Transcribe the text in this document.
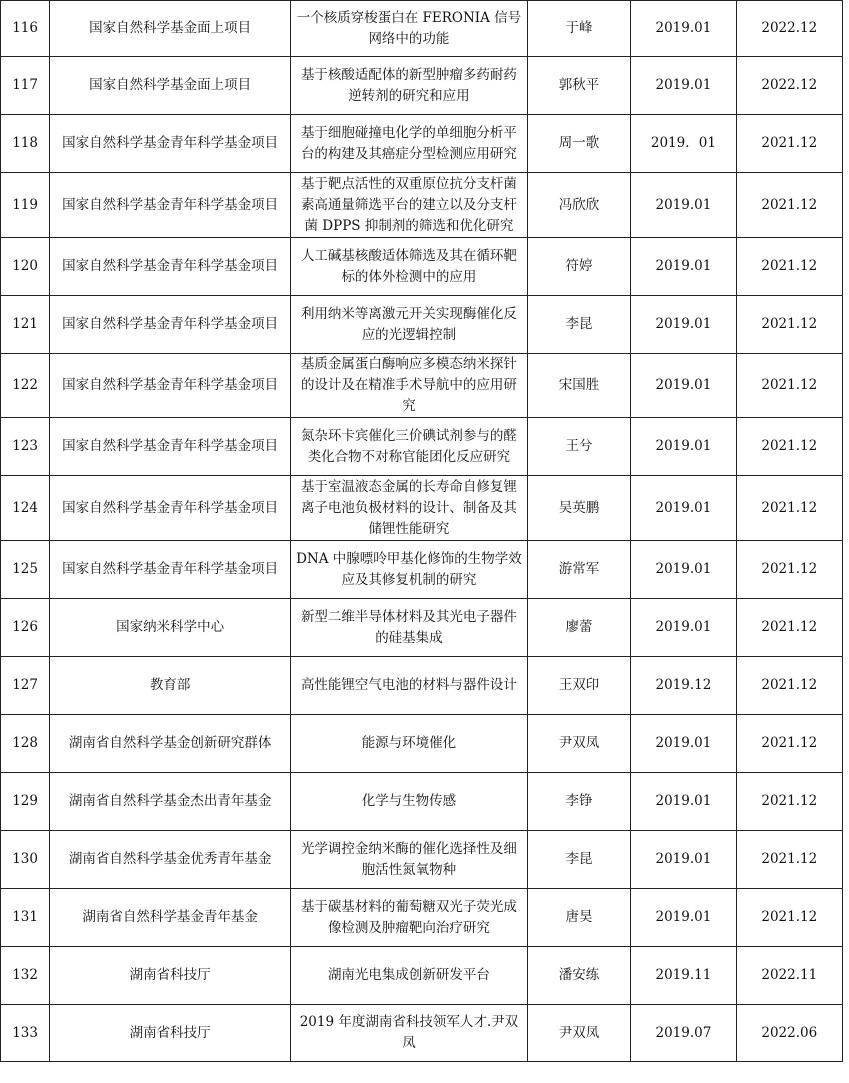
116	国家自然科学基金面上项目	一个核质穿梭蛋白在 FERONIA 信号网络中的功能	于峰	2019.01	2022.12
117	国家自然科学基金面上项目	基于核酸适配体的新型肿瘤多药耐药逆转剂的研究和应用	郭秋平	2019.01	2022.12
118	国家自然科学基金青年科学基金项目	基于细胞碰撞电化学的单细胞分析平台的构建及其癌症分型检测应用研究	周一歌	2019．01	2021.12
119	国家自然科学基金青年科学基金项目	基于靶点活性的双重原位抗分支杆菌素高通量筛选平台的建立以及分支杆菌 DPPS 抑制剂的筛选和优化研究	冯欣欣	2019.01	2021.12
120	国家自然科学基金青年科学基金项目	人工碱基核酸适体筛选及其在循环靶标的体外检测中的应用	符婷	2019.01	2021.12
121	国家自然科学基金青年科学基金项目	利用纳米等离激元开关实现酶催化反应的光逻辑控制	李昆	2019.01	2021.12
122	国家自然科学基金青年科学基金项目	基质金属蛋白酶响应多模态纳米探针的设计及在精准手术导航中的应用研究	宋国胜	2019.01	2021.12
123	国家自然科学基金青年科学基金项目	氮杂环卡宾催化三价碘试剂参与的醛类化合物不对称官能团化反应研究	王兮	2019.01	2021.12
124	国家自然科学基金青年科学基金项目	基于室温液态金属的长寿命自修复锂离子电池负极材料的设计、制备及其储锂性能研究	吴英鹏	2019.01	2021.12
125	国家自然科学基金青年科学基金项目	DNA 中腺嘌呤甲基化修饰的生物学效应及其修复机制的研究	游常军	2019.01	2021.12
126	国家纳米科学中心	新型二维半导体材料及其光电子器件的硅基集成	廖蕾	2019.01	2021.12
127	教育部	高性能锂空气电池的材料与器件设计	王双印	2019.12	2021.12
128	湖南省自然科学基金创新研究群体	能源与环境催化	尹双凤	2019.01	2021.12
129	湖南省自然科学基金杰出青年基金	化学与生物传感	李铮	2019.01	2021.12
130	湖南省自然科学基金优秀青年基金	光学调控金纳米酶的催化选择性及细胞活性氮氧物种	李昆	2019.01	2021.12
131	湖南省自然科学基金青年基金	基于碳基材料的葡萄糖双光子荧光成像检测及肿瘤靶向治疗研究	唐昊	2019.01	2021.12
132	湖南省科技厅	湖南光电集成创新研发平台	潘安练	2019.11	2022.11
133	湖南省科技厅	2019 年度湖南省科技领军人才.尹双凤	尹双凤	2019.07	2022.06
